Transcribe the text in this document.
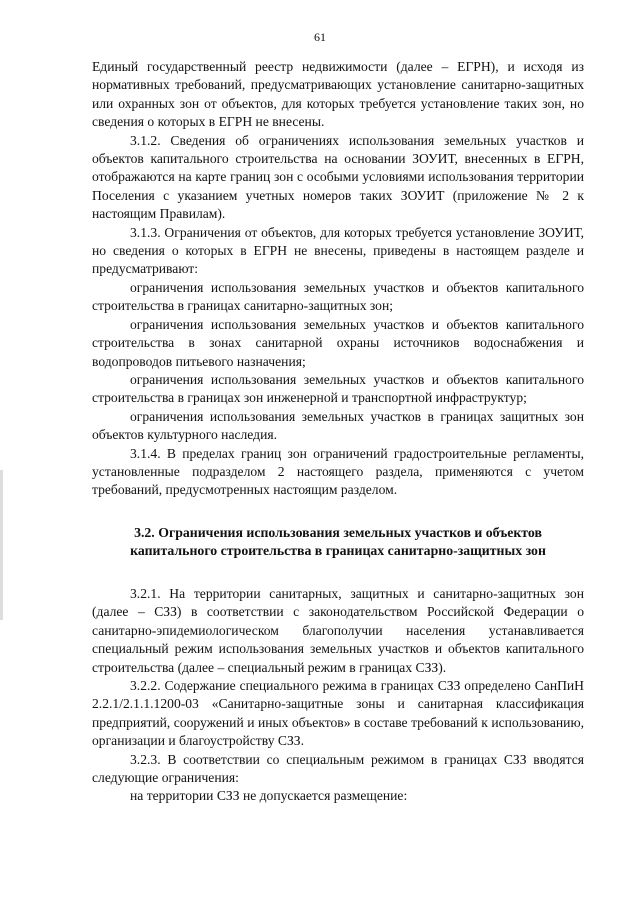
61

Единый государственный реестр недвижимости (далее – ЕГРН), и исходя из нормативных требований, предусматривающих установление санитарно-защитных или охранных зон от объектов, для которых требуется установление таких зон, но сведения о которых в ЕГРН не внесены.

3.1.2. Сведения об ограничениях использования земельных участков и объектов капитального строительства на основании ЗОУИТ, внесенных в ЕГРН, отображаются на карте границ зон с особыми условиями использования территории Поселения с указанием учетных номеров таких ЗОУИТ (приложение № 2 к настоящим Правилам).

3.1.3. Ограничения от объектов, для которых требуется установление ЗОУИТ, но сведения о которых в ЕГРН не внесены, приведены в настоящем разделе и предусматривают:

ограничения использования земельных участков и объектов капитального строительства в границах санитарно-защитных зон;

ограничения использования земельных участков и объектов капитального строительства в зонах санитарной охраны источников водоснабжения и водопроводов питьевого назначения;

ограничения использования земельных участков и объектов капитального строительства в границах зон инженерной и транспортной инфраструктур;

ограничения использования земельных участков в границах защитных зон объектов культурного наследия.

3.1.4. В пределах границ зон ограничений градостроительные регламенты, установленные подразделом 2 настоящего раздела, применяются с учетом требований, предусмотренных настоящим разделом.

3.2. Ограничения использования земельных участков и объектов капитального строительства в границах санитарно-защитных зон

3.2.1. На территории санитарных, защитных и санитарно-защитных зон (далее – СЗЗ) в соответствии с законодательством Российской Федерации о санитарно-эпидемиологическом благополучии населения устанавливается специальный режим использования земельных участков и объектов капитального строительства (далее – специальный режим в границах СЗЗ).

3.2.2. Содержание специального режима в границах СЗЗ определено СанПиН 2.2.1/2.1.1.1200-03 «Санитарно-защитные зоны и санитарная классификация предприятий, сооружений и иных объектов» в составе требований к использованию, организации и благоустройству СЗЗ.

3.2.3. В соответствии со специальным режимом в границах СЗЗ вводятся следующие ограничения:

на территории СЗЗ не допускается размещение:
